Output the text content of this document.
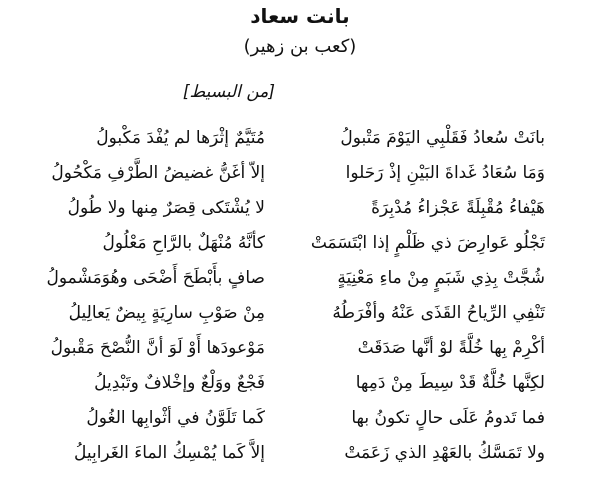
بانت سعاد
(كعب بن زهير)
[من البسيط]
بانَتْ سُعادُ فَقَلْبِي اليَوْمَ مَتْبولُ
مُتَيَّمٌ إثْرَها لم يُفْدَ مَكْبولُ
وَمَا سُعَادُ غَداةَ البَيْنِ إذْ رَحَلوا
إلاّ أغَنُّ غضيضُ الطَّرْفِ مَكْحُولُ
هَيْفاءُ مُقْبِلَةً عَجْزاءُ مُدْبِرَةً
لا يُشْتَكى قِصَرٌ مِنها ولا طُولُ
تَجْلُو عَوارِضَ ذي ظَلْمٍ إذا ابْتَسَمَتْ
كأنَّهُ مُنْهَلٌ بالرَّاحِ مَعْلُولُ
شُجَّتْ بِذِي شَبَمٍ مِنْ ماءِ مَعْنِيَةٍ
صافٍ بأَبْطَحَ أَضْحَى وهُوَمَشْمولُ
تَنْفِي الرِّياحُ القَذَى عَنْهُ وأفْرَطُهُ
مِنْ صَوْبِ سارِيَةٍ بِيضٌ يَعالِيلُ
أكْرِمْ بِها خُلَّةً لوْ أنَّها صَدَقَتْ
مَوْعودَها أَوْ لَوَ أنَّ النُّصْحَ مَقْبولُ
لكِنَّها خُلَّةٌ قَدْ سِيطَ مِنْ دَمِها
فَجْعٌ ووَلْعٌ وإخْلافٌ وتَبْدِيلُ
فما تَدومُ عَلَى حالٍ تكونُ بها
كَما تَلَوَّنُ في أثْوابِها الغُولُ
ولا تَمَسَّكُ بالعَهْدِ الذي زَعَمَتْ
إلاَّ كَما يُمْسِكُ الماءَ الغَرابِيلُ
